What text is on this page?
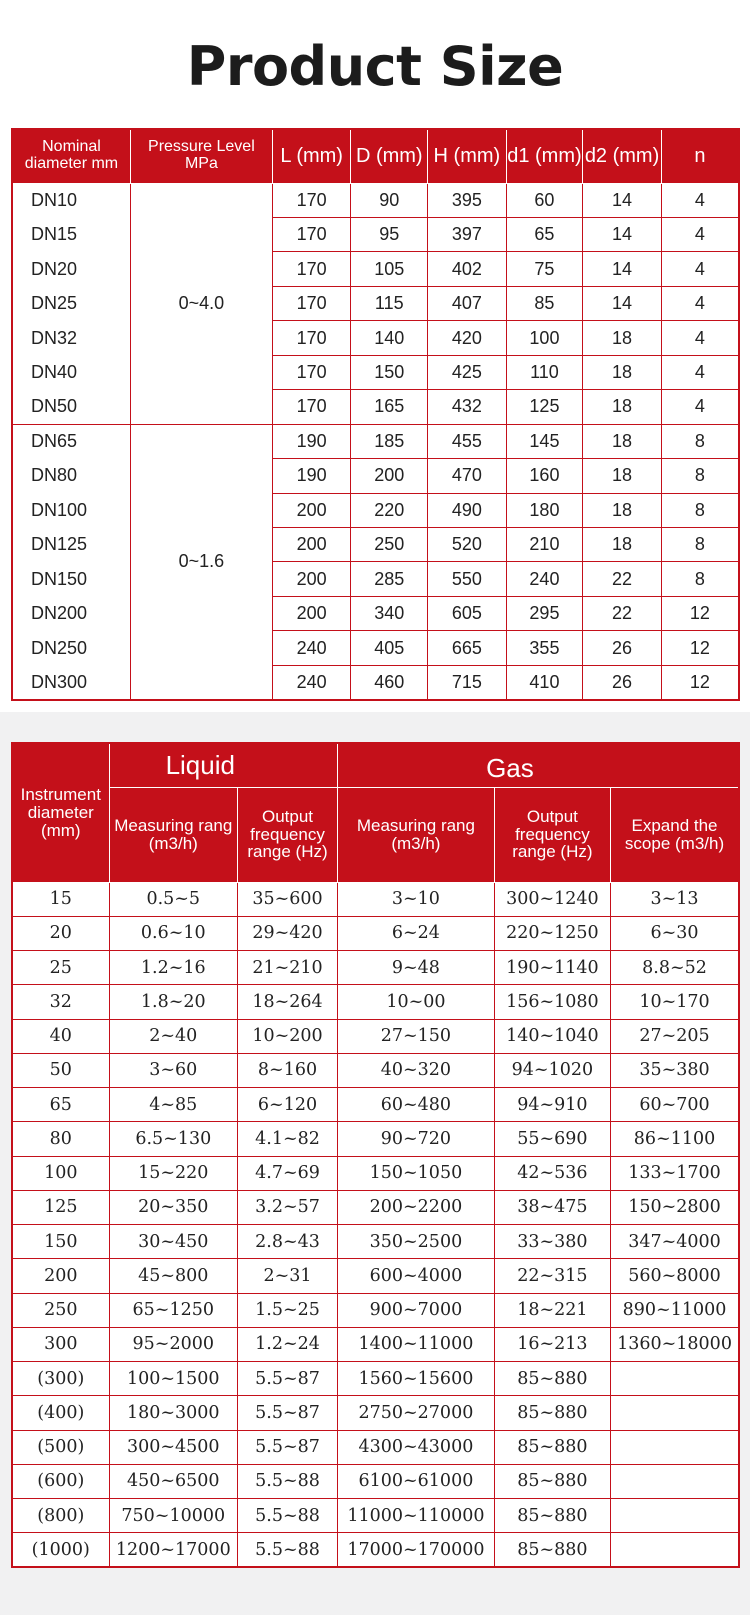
Product Size
Nominal diameter mm	Pressure Level MPa	L (mm)	D (mm)	H (mm)	d1 (mm)	d2 (mm)	n
DN10	0~4.0	170	90	395	60	14	4
DN15		170	95	397	65	14	4
DN20		170	105	402	75	14	4
DN25		170	115	407	85	14	4
DN32		170	140	420	100	18	4
DN40		170	150	425	110	18	4
DN50		170	165	432	125	18	4
DN65	0~1.6	190	185	455	145	18	8
DN80		190	200	470	160	18	8
DN100		200	220	490	180	18	8
DN125		200	250	520	210	18	8
DN150		200	285	550	240	22	8
DN200		200	340	605	295	22	12
DN250		240	405	665	355	26	12
DN300		240	460	715	410	26	12
Instrument diameter (mm)	Liquid		Gas		
	Measuring rang (m3/h)	Output frequency range (Hz)	Measuring rang (m3/h)	Output frequency range (Hz)	Expand the scope (m3/h)
15	0.5~5	35~600	3~10	300~1240	3~13
20	0.6~10	29~420	6~24	220~1250	6~30
25	1.2~16	21~210	9~48	190~1140	8.8~52
32	1.8~20	18~264	10~00	156~1080	10~170
40	2~40	10~200	27~150	140~1040	27~205
50	3~60	8~160	40~320	94~1020	35~380
65	4~85	6~120	60~480	94~910	60~700
80	6.5~130	4.1~82	90~720	55~690	86~1100
100	15~220	4.7~69	150~1050	42~536	133~1700
125	20~350	3.2~57	200~2200	38~475	150~2800
150	30~450	2.8~43	350~2500	33~380	347~4000
200	45~800	2~31	600~4000	22~315	560~8000
250	65~1250	1.5~25	900~7000	18~221	890~11000
300	95~2000	1.2~24	1400~11000	16~213	1360~18000
(300)	100~1500	5.5~87	1560~15600	85~880	
(400)	180~3000	5.5~87	2750~27000	85~880	
(500)	300~4500	5.5~87	4300~43000	85~880	
(600)	450~6500	5.5~88	6100~61000	85~880	
(800)	750~10000	5.5~88	11000~110000	85~880	
(1000)	1200~17000	5.5~88	17000~170000	85~880	
